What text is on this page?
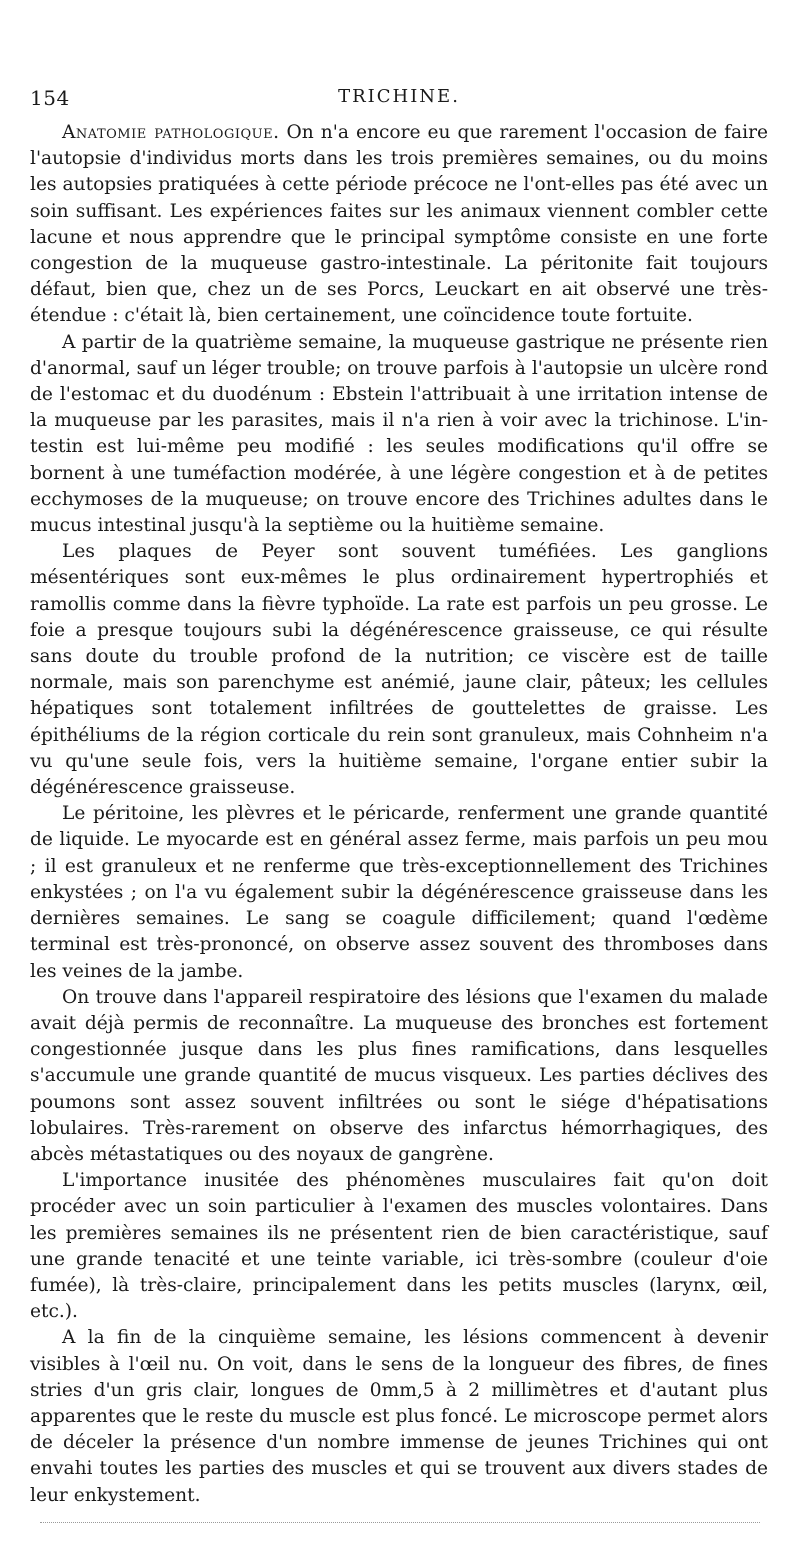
154	TRICHINE.

Anatomie pathologique. On n'a encore eu que rarement l'occasion de faire l'autopsie d'individus morts dans les trois premières semaines, ou du moins les autopsies pratiquées à cette période précoce ne l'ont-elles pas été avec un soin suffisant. Les expériences faites sur les animaux viennent combler cette lacune et nous apprendre que le principal symptôme consiste en une forte congestion de la muqueuse gastro-intestinale. La péritonite fait toujours défaut, bien que, chez un de ses Porcs, Leuckart en ait observé une très-étendue : c'était là, bien certainement, une coïncidence toute fortuite.

A partir de la quatrième semaine, la muqueuse gastrique ne présente rien d'anormal, sauf un léger trouble; on trouve parfois à l'autopsie un ulcère rond de l'estomac et du duodénum : Ebstein l'attribuait à une irritation intense de la muqueuse par les parasites, mais il n'a rien à voir avec la trichinose. L'intestin est lui-même peu modifié : les seules modifications qu'il offre se bornent à une tuméfaction modérée, à une légère congestion et à de petites ecchymoses de la muqueuse; on trouve encore des Trichines adultes dans le mucus intestinal jusqu'à la septième ou la huitième semaine.

Les plaques de Peyer sont souvent tuméfiées. Les ganglions mésentériques sont eux-mêmes le plus ordinairement hypertrophiés et ramollis comme dans la fièvre typhoïde. La rate est parfois un peu grosse. Le foie a presque toujours subi la dégénérescence graisseuse, ce qui résulte sans doute du trouble profond de la nutrition; ce viscère est de taille normale, mais son parenchyme est anémié, jaune clair, pâteux; les cellules hépatiques sont totalement infiltrées de gouttelettes de graisse. Les épithéliums de la région corticale du rein sont granuleux, mais Cohnheim n'a vu qu'une seule fois, vers la huitième semaine, l'organe entier subir la dégénérescence graisseuse.

Le péritoine, les plèvres et le péricarde, renferment une grande quantité de liquide. Le myocarde est en général assez ferme, mais parfois un peu mou ; il est granuleux et ne renferme que très-exceptionnellement des Trichines enkystées ; on l'a vu également subir la dégénérescence graisseuse dans les dernières semaines. Le sang se coagule difficilement; quand l'œdème terminal est très-prononcé, on observe assez souvent des thromboses dans les veines de la jambe.

On trouve dans l'appareil respiratoire des lésions que l'examen du malade avait déjà permis de reconnaître. La muqueuse des bronches est fortement congestionnée jusque dans les plus fines ramifications, dans lesquelles s'accumule une grande quantité de mucus visqueux. Les parties déclives des poumons sont assez souvent infiltrées ou sont le siége d'hépatisations lobulaires. Très-rarement on observe des infarctus hémorrhagiques, des abcès métastatiques ou des noyaux de gangrène.

L'importance inusitée des phénomènes musculaires fait qu'on doit procéder avec un soin particulier à l'examen des muscles volontaires. Dans les premières semaines ils ne présentent rien de bien caractéristique, sauf une grande tenacité et une teinte variable, ici très-sombre (couleur d'oie fumée), là très-claire, principalement dans les petits muscles (larynx, œil, etc.).

A la fin de la cinquième semaine, les lésions commencent à devenir visibles à l'œil nu. On voit, dans le sens de la longueur des fibres, de fines stries d'un gris clair, longues de 0mm,5 à 2 millimètres et d'autant plus apparentes que le reste du muscle est plus foncé. Le microscope permet alors de déceler la présence d'un nombre immense de jeunes Trichines qui ont envahi toutes les parties des muscles et qui se trouvent aux divers stades de leur enkystement.
